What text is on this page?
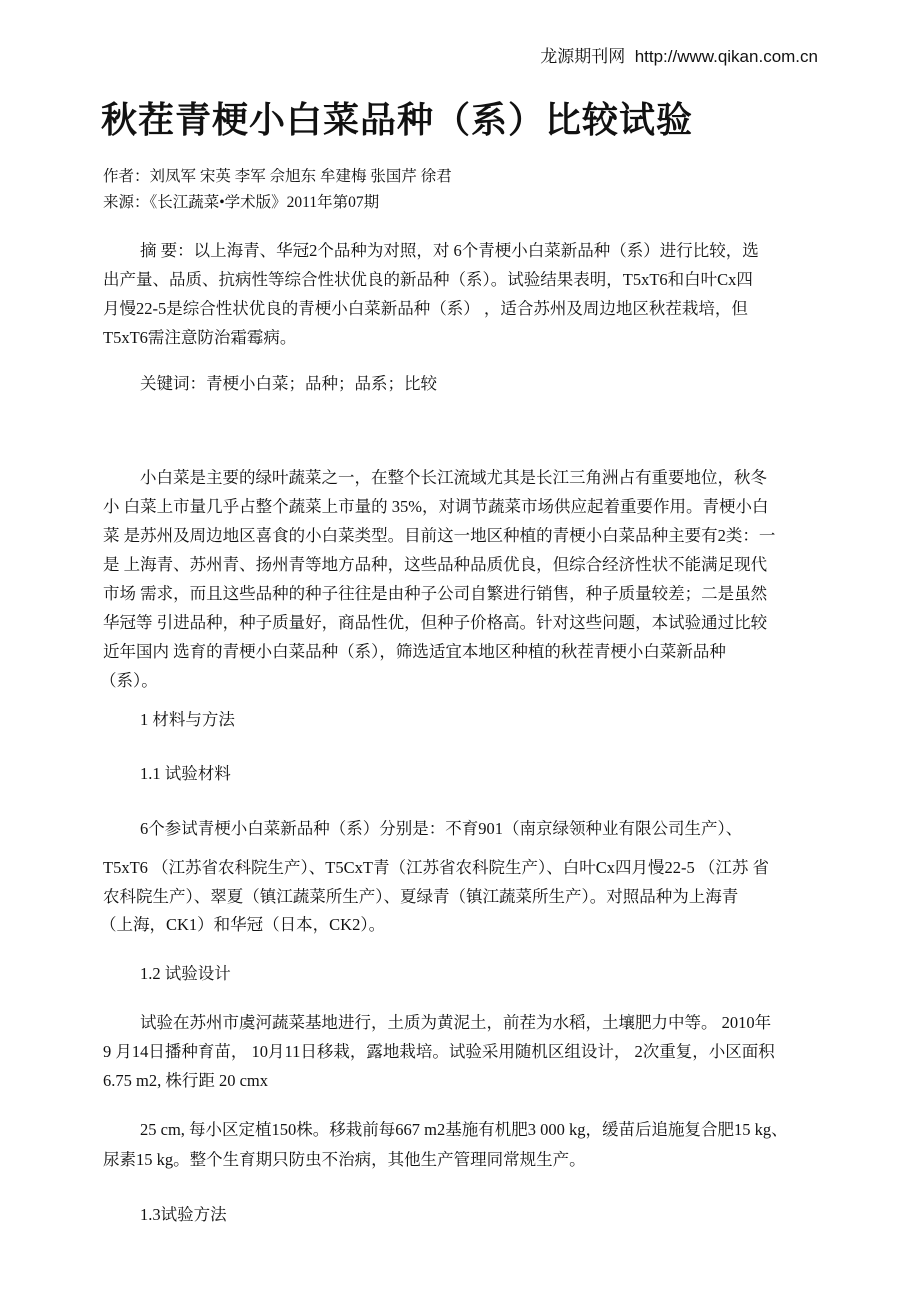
龙源期刊网 http://www.qikan.com.cn
秋茬青梗小白菜品种（系）比较试验
作者：刘凤军 宋英 李军 佘旭东 牟建梅 张国芹 徐君
来源：《长江蔬菜•学术版》2011年第07期
摘 要：以上海青、华冠2个品种为对照，对 6个青梗小白菜新品种（系）进行比较，选
出产量、品质、抗病性等综合性状优良的新品种（系）。试验结果表明，T5xT6和白叶Cx四
月慢22-5是综合性状优良的青梗小白菜新品种（系） ，适合苏州及周边地区秋茬栽培，但
T5xT6需注意防治霜霉病。
关键词：青梗小白菜；品种；品系；比较
小白菜是主要的绿叶蔬菜之一，在整个长江流域尤其是长江三角洲占有重要地位，秋冬
小 白菜上市量几乎占整个蔬菜上市量的 35%，对调节蔬菜市场供应起着重要作用。青梗小白
菜 是苏州及周边地区喜食的小白菜类型。目前这一地区种植的青梗小白菜品种主要有2类：一
是 上海青、苏州青、扬州青等地方品种，这些品种品质优良，但综合经济性状不能满足现代
市场 需求，而且这些品种的种子往往是由种子公司自繁进行销售，种子质量较差；二是虽然
华冠等 引进品种，种子质量好，商品性优，但种子价格高。针对这些问题，本试验通过比较
近年国内 选育的青梗小白菜品种（系），筛选适宜本地区种植的秋茬青梗小白菜新品种
（系）。
1 材料与方法
1.1 试验材料
6个参试青梗小白菜新品种（系）分别是：不育901（南京绿领种业有限公司生产）、
T5xT6 （江苏省农科院生产）、T5CxT青（江苏省农科院生产）、白叶Cx四月慢22-5 （江苏 省
农科院生产）、翠夏（镇江蔬菜所生产）、夏绿青（镇江蔬菜所生产）。对照品种为上海青
（上海，CK1）和华冠（日本，CK2）。
1.2 试验设计
试验在苏州市虞河蔬菜基地进行，土质为黄泥土，前茬为水稻，土壤肥力中等。 2010年
9 月14日播种育苗， 10月11日移栽，露地栽培。试验采用随机区组设计， 2次重复，小区面积
6.75 m2, 株行距 20 cmx
25 cm, 每小区定植150株。移栽前每667 m2基施有机肥3 000 kg，缓苗后追施复合肥15 kg、
尿素15 kg。整个生育期只防虫不治病，其他生产管理同常规生产。
1.3试验方法
